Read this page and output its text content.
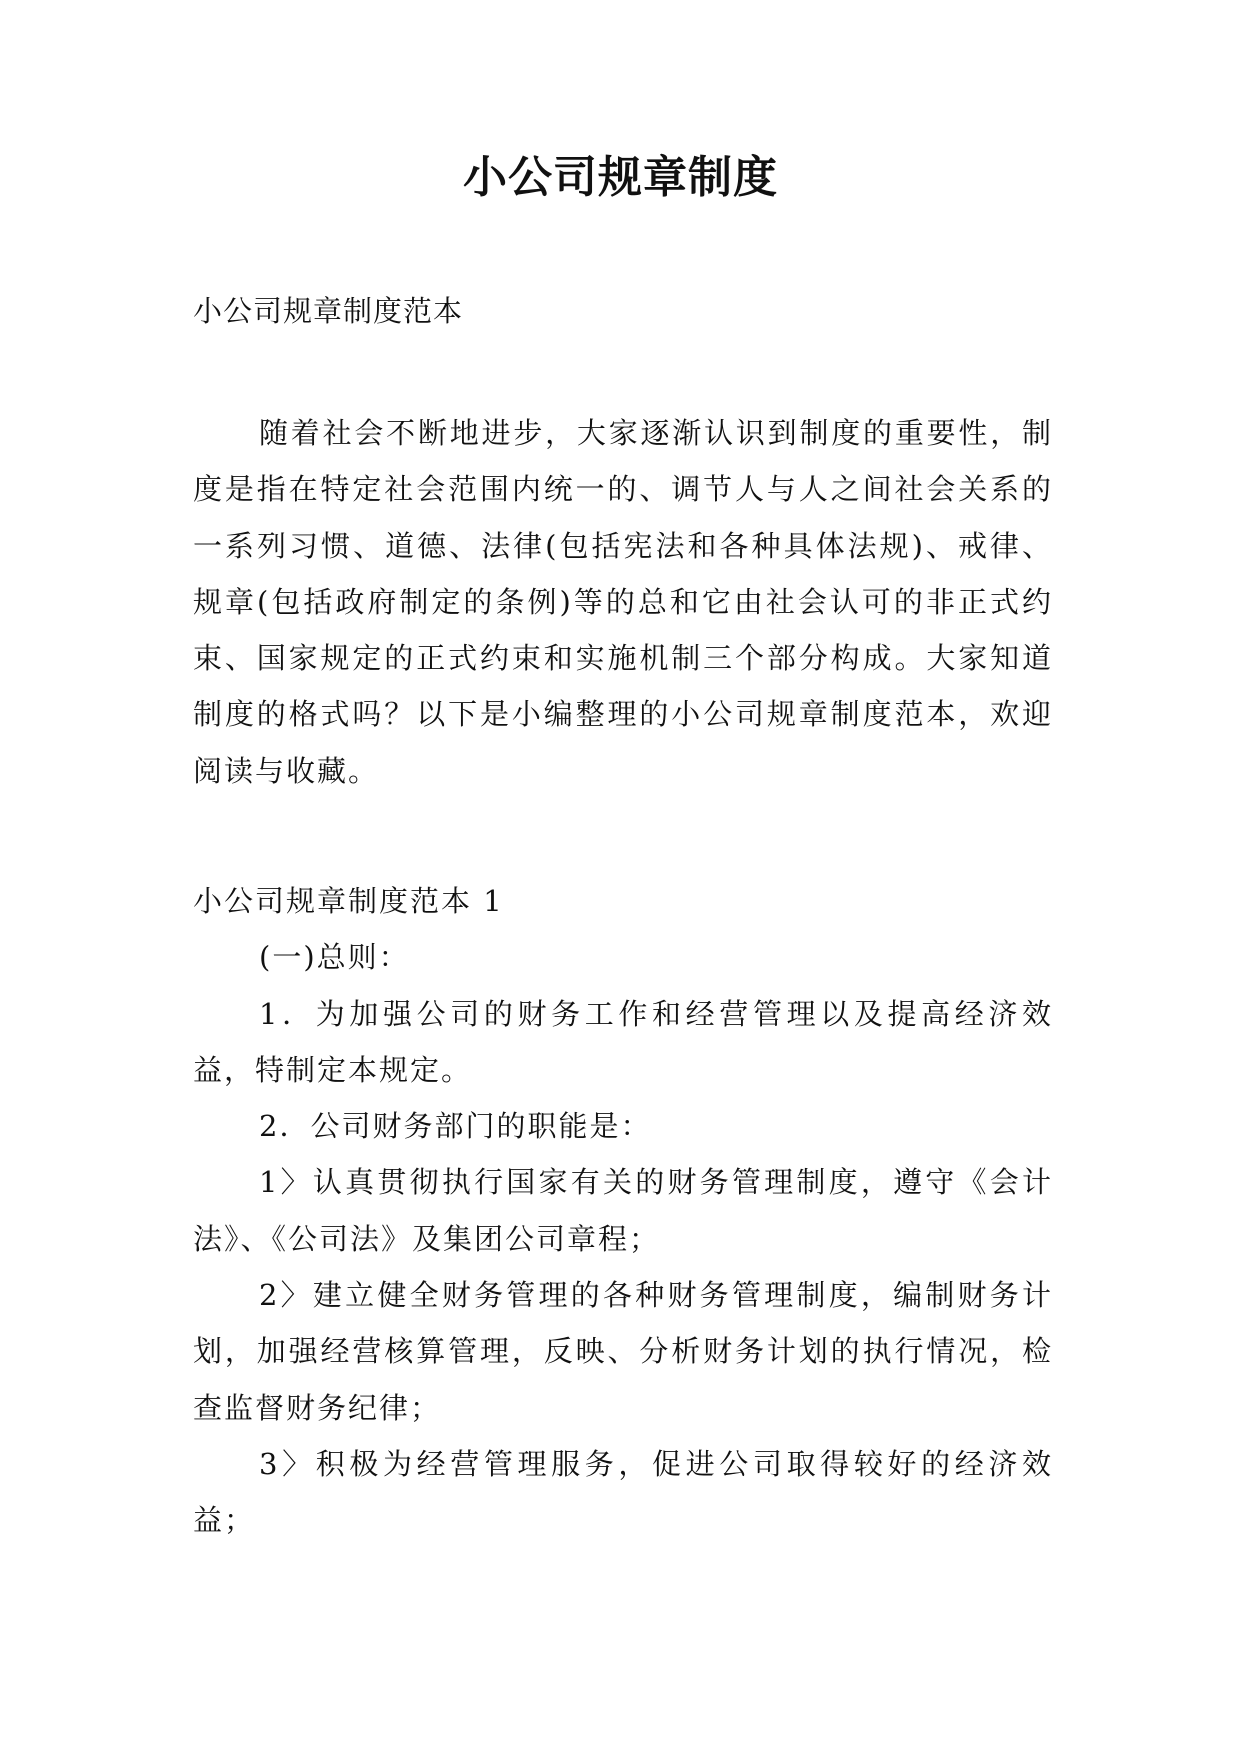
小公司规章制度

小公司规章制度范本

随着社会不断地进步，大家逐渐认识到制度的重要性，制度是指在特定社会范围内统一的、调节人与人之间社会关系的一系列习惯、道德、法律(包括宪法和各种具体法规)、戒律、规章(包括政府制定的条例)等的总和它由社会认可的非正式约束、国家规定的正式约束和实施机制三个部分构成。大家知道制度的格式吗？以下是小编整理的小公司规章制度范本，欢迎阅读与收藏。

小公司规章制度范本 1

(一)总则：

1．为加强公司的财务工作和经营管理以及提高经济效益，特制定本规定。

2．公司财务部门的职能是：

1〉认真贯彻执行国家有关的财务管理制度，遵守《会计法》、《公司法》及集团公司章程；

2〉建立健全财务管理的各种财务管理制度，编制财务计划，加强经营核算管理，反映、分析财务计划的执行情况，检查监督财务纪律；

3〉积极为经营管理服务，促进公司取得较好的经济效益；
